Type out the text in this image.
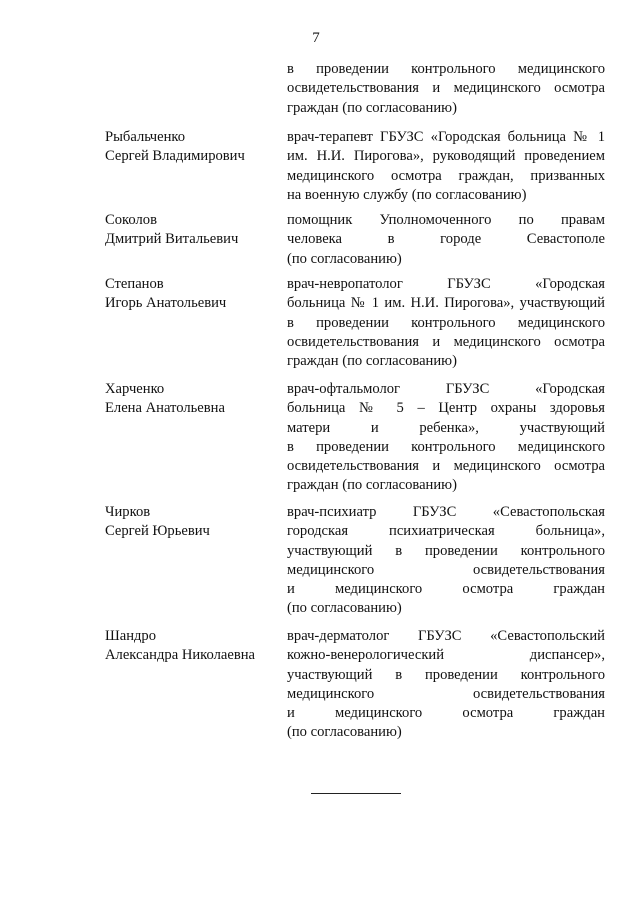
7
в проведении контрольного медицинского
освидетельствования и медицинского осмотра
граждан (по согласованию)
Рыбальченко
Сергей Владимирович
врач-терапевт ГБУЗС «Городская больница № 1
им. Н.И. Пирогова», руководящий проведением
медицинского осмотра граждан, призванных
на военную службу (по согласованию)
Соколов
Дмитрий Витальевич
помощник Уполномоченного по правам
человека в городе Севастополе
(по согласованию)
Степанов
Игорь Анатольевич
врач-невропатолог ГБУЗС «Городская
больница № 1 им. Н.И. Пирогова», участвующий
в проведении контрольного медицинского
освидетельствования и медицинского осмотра
граждан (по согласованию)
Харченко
Елена Анатольевна
врач-офтальмолог ГБУЗС «Городская
больница № 5 – Центр охраны здоровья
матери и ребенка», участвующий
в проведении контрольного медицинского
освидетельствования и медицинского осмотра
граждан (по согласованию)
Чирков
Сергей Юрьевич
врач-психиатр ГБУЗС «Севастопольская
городская психиатрическая больница»,
участвующий в проведении контрольного
медицинского освидетельствования
и медицинского осмотра граждан
(по согласованию)
Шандро
Александра Николаевна
врач-дерматолог ГБУЗС «Севастопольский
кожно-венерологический диспансер»,
участвующий в проведении контрольного
медицинского освидетельствования
и медицинского осмотра граждан
(по согласованию)
